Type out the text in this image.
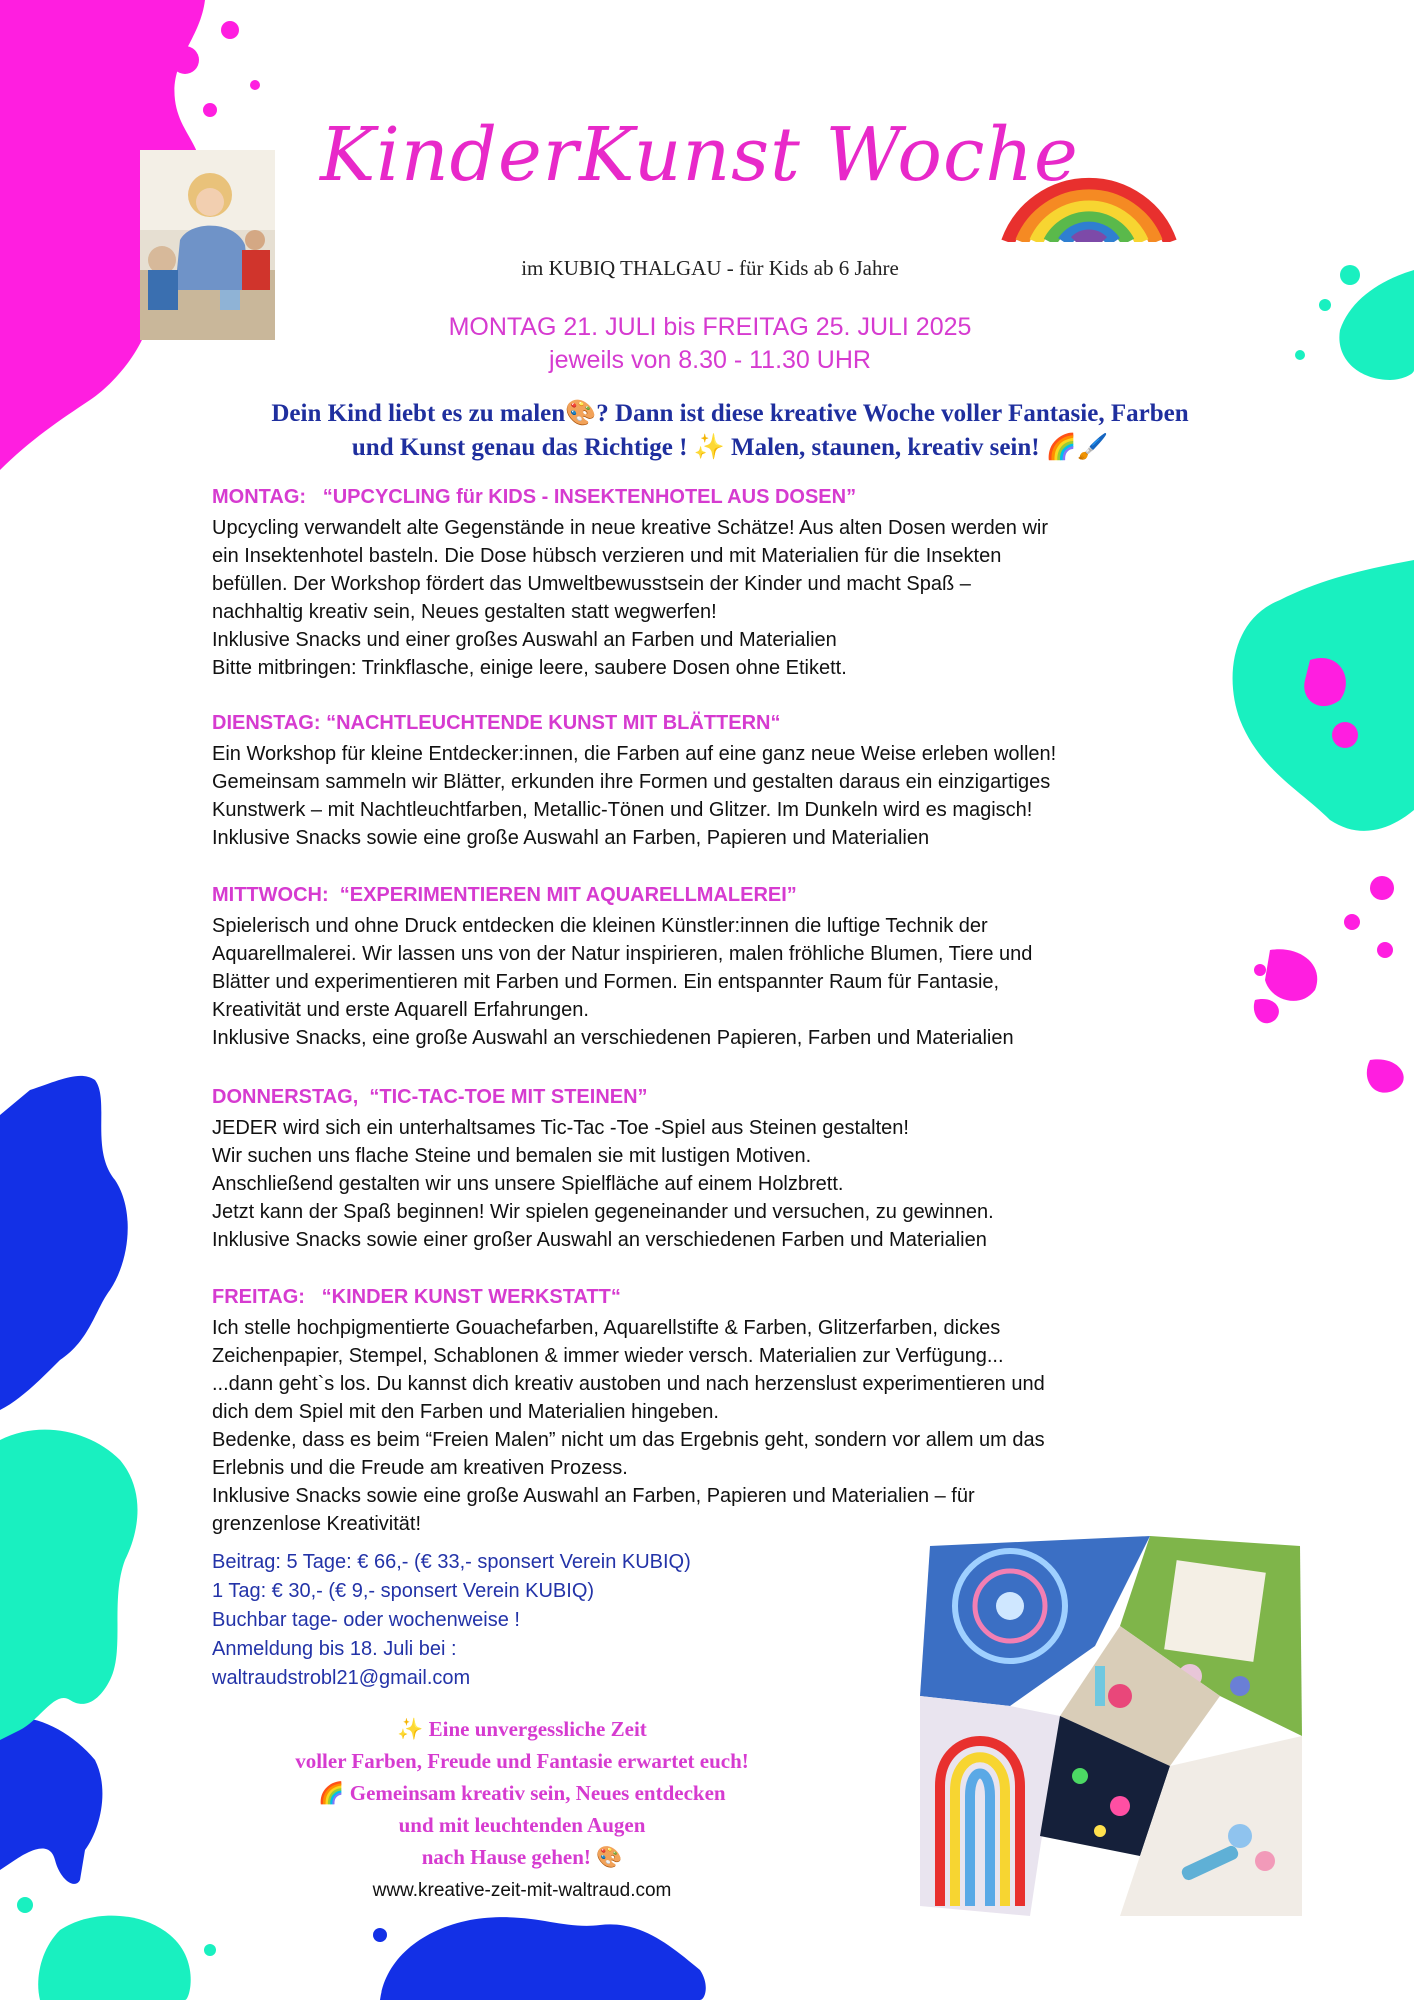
KinderKunst Woche
im KUBIQ THALGAU - für Kids ab 6 Jahre
MONTAG 21. JULI bis FREITAG 25. JULI 2025
jeweils von 8.30 - 11.30 UHR
Dein Kind liebt es zu malen🎨? Dann ist diese kreative Woche voller Fantasie, Farben
und Kunst genau das Richtige ! ✨ Malen, staunen, kreativ sein! 🌈🖌️
MONTAG:   “UPCYCLING für KIDS - INSEKTENHOTEL AUS DOSEN”

Upcycling verwandelt alte Gegenstände in neue kreative Schätze! Aus alten Dosen werden wir

ein Insektenhotel basteln. Die Dose hübsch verzieren und mit Materialien für die Insekten

befüllen. Der Workshop fördert das Umweltbewusstsein der Kinder und macht Spaß –

nachhaltig kreativ sein, Neues gestalten statt wegwerfen!

Inklusive Snacks und einer großes Auswahl an Farben und Materialien

Bitte mitbringen: Trinkflasche, einige leere, saubere Dosen ohne Etikett.

DIENSTAG: “NACHTLEUCHTENDE KUNST MIT BLÄTTERN“

Ein Workshop für kleine Entdecker:innen, die Farben auf eine ganz neue Weise erleben wollen!

Gemeinsam sammeln wir Blätter, erkunden ihre Formen und gestalten daraus ein einzigartiges

Kunstwerk – mit Nachtleuchtfarben, Metallic-Tönen und Glitzer. Im Dunkeln wird es magisch!

Inklusive Snacks sowie eine große Auswahl an Farben, Papieren und Materialien

MITTWOCH:  “EXPERIMENTIEREN MIT AQUARELLMALEREI”

Spielerisch und ohne Druck entdecken die kleinen Künstler:innen die luftige Technik der

Aquarellmalerei. Wir lassen uns von der Natur inspirieren, malen fröhliche Blumen, Tiere und

Blätter und experimentieren mit Farben und Formen. Ein entspannter Raum für Fantasie,

Kreativität und erste Aquarell Erfahrungen.

Inklusive Snacks, eine große Auswahl an verschiedenen Papieren, Farben und Materialien

DONNERSTAG,  “TIC-TAC-TOE MIT STEINEN”

JEDER wird sich ein unterhaltsames Tic-Tac -Toe -Spiel aus Steinen gestalten!

Wir suchen uns flache Steine und bemalen sie mit lustigen Motiven.

Anschließend gestalten wir uns unsere Spielfläche auf einem Holzbrett.

Jetzt kann der Spaß beginnen! Wir spielen gegeneinander und versuchen, zu gewinnen.

Inklusive Snacks sowie einer großer Auswahl an verschiedenen Farben und Materialien

FREITAG:   “KINDER KUNST WERKSTATT“

Ich stelle hochpigmentierte Gouachefarben, Aquarellstifte & Farben, Glitzerfarben, dickes

Zeichenpapier, Stempel, Schablonen & immer wieder versch. Materialien zur Verfügung...

...dann geht`s los. Du kannst dich kreativ austoben und nach herzenslust experimentieren und

dich dem Spiel mit den Farben und Materialien hingeben.

Bedenke, dass es beim “Freien Malen” nicht um das Ergebnis geht, sondern vor allem um das

Erlebnis und die Freude am kreativen Prozess.

Inklusive Snacks sowie eine große Auswahl an Farben, Papieren und Materialien – für

grenzenlose Kreativität!

Beitrag: 5 Tage: € 66,- (€ 33,- sponsert Verein KUBIQ)
1 Tag: € 30,- (€ 9,- sponsert Verein KUBIQ)
Buchbar tage- oder wochenweise !
Anmeldung bis 18. Juli bei :
waltraudstrobl21@gmail.com
✨ Eine unvergessliche Zeit
voller Farben, Freude und Fantasie erwartet euch!
🌈 Gemeinsam kreativ sein, Neues entdecken
und mit leuchtenden Augen
nach Hause gehen! 🎨
www.kreative-zeit-mit-waltraud.com
